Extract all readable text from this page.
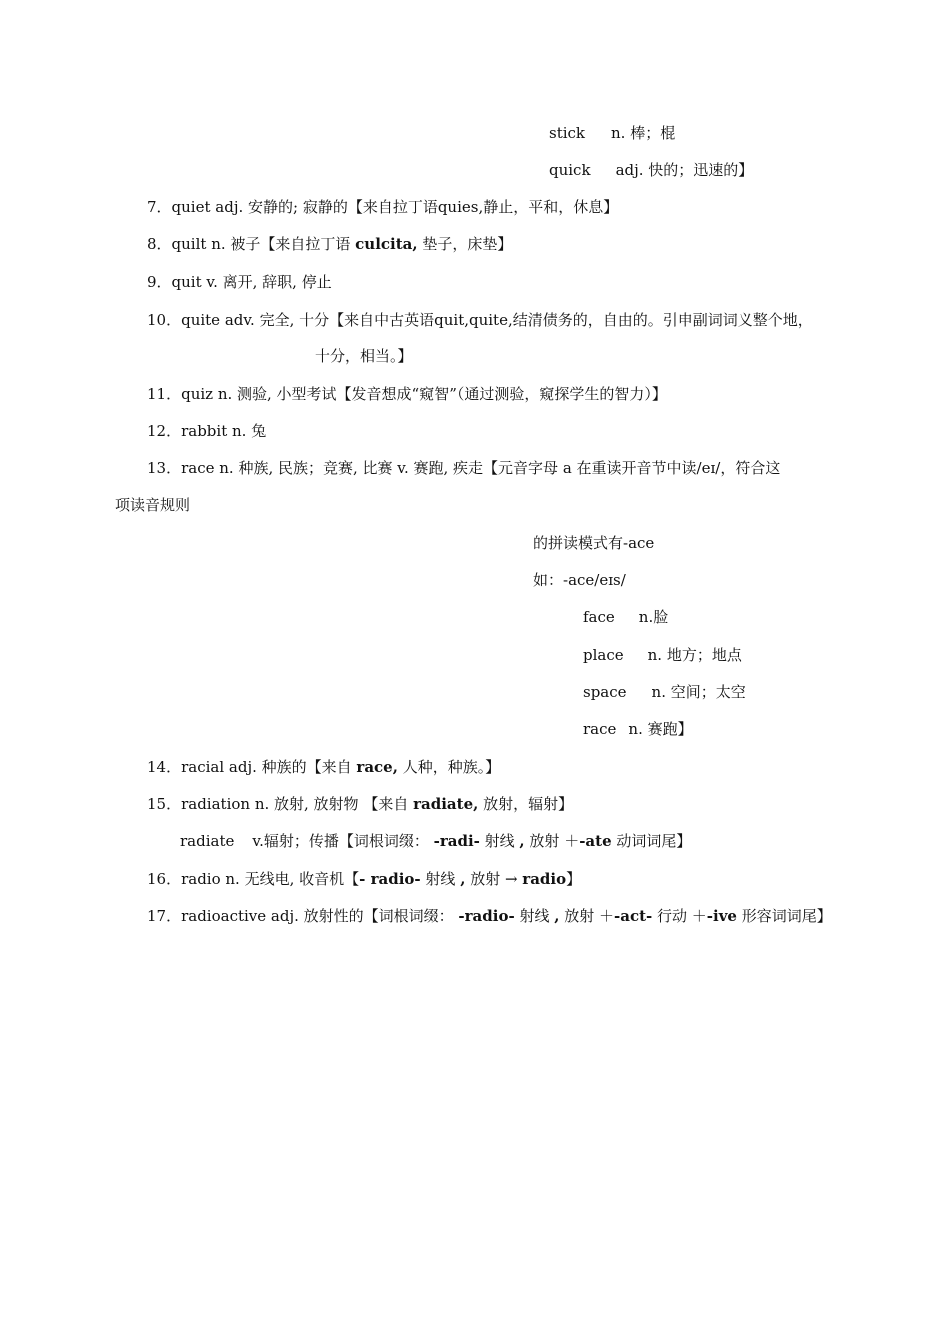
stick n. 棒；棍
quick adj. 快的；迅速的】
7．quiet adj. 安静的; 寂静的【来自拉丁语quies,静止，平和，休息】
8．quilt n. 被子【来自拉丁语 culcita, 垫子，床垫】
9．quit v. 离开, 辞职, 停止
10．quite adv. 完全, 十分【来自中古英语quit,quite,结清债务的，自由的。引申副词词义整个地，
十分，相当。】
11．quiz n. 测验, 小型考试【发音想成“窥智”（通过测验，窥探学生的智力）】
12．rabbit n. 兔
13．race n. 种族, 民族；竞赛, 比赛 v. 赛跑, 疾走【元音字母 a 在重读开音节中读/eɪ/，符合这
项读音规则
的拼读模式有-ace
如：-ace/eɪs/
face n.脸
place n. 地方；地点
space n. 空间；太空
race n. 赛跑】
14．racial adj. 种族的【来自 race, 人种，种族。】
15．radiation n. 放射, 放射物 【来自 radiate, 放射，辐射】
radiate v.辐射；传播【词根词缀： -radi- 射线 , 放射 ＋-ate 动词词尾】
16．radio n. 无线电, 收音机【- radio- 射线 , 放射 → radio】
17．radioactive adj. 放射性的【词根词缀： -radio- 射线 , 放射 ＋-act- 行动 ＋-ive 形容词词尾】
